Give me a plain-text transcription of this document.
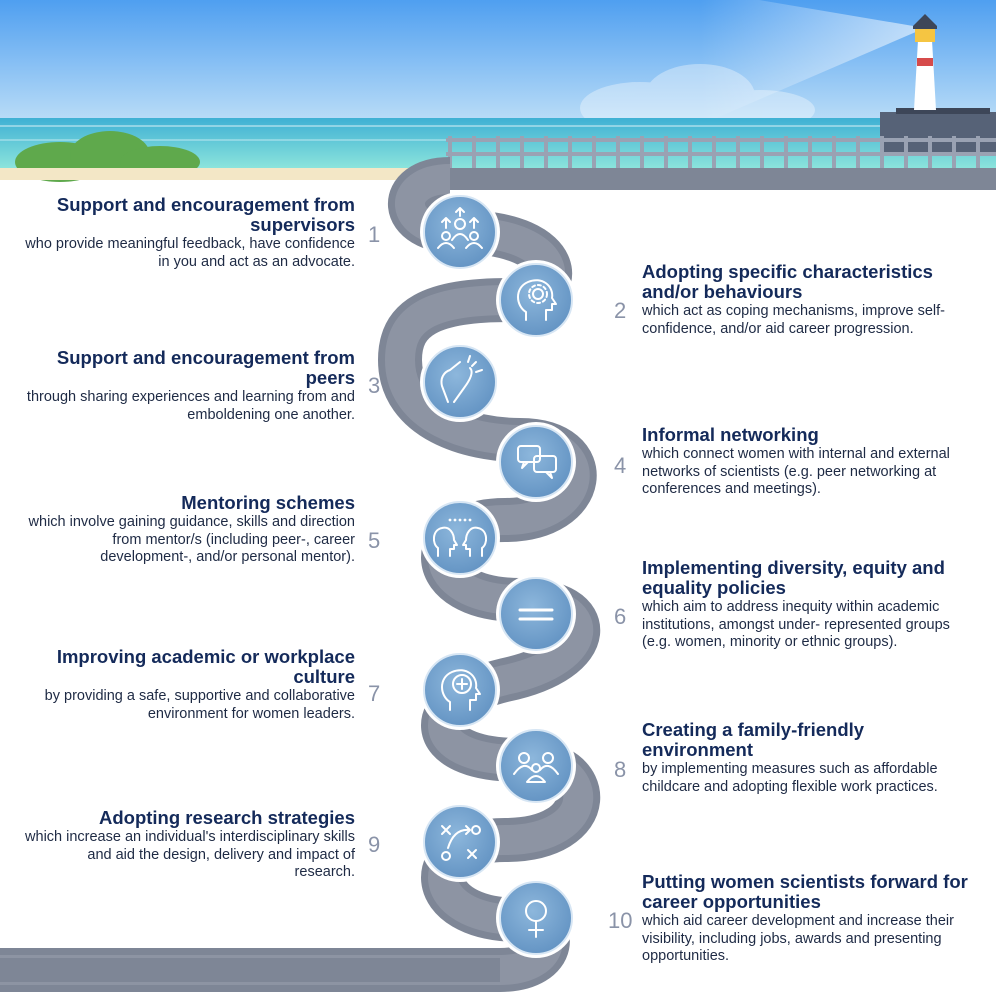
1
Support and encouragement from supervisors
who provide meaningful feedback, have confidence in you and act as an advocate.
2
Adopting specific characteristics and/or behaviours
which act as coping mechanisms, improve self-confidence, and/or aid career progression.
3
Support and encouragement from peers
through sharing experiences and learning from and emboldening one another.
4
Informal networking
which connect women with internal and external networks of scientists (e.g. peer networking at conferences and meetings).
5
Mentoring schemes
which involve gaining guidance, skills and direction from mentor/s (including peer-, career development-, and/or personal mentor).
6
Implementing diversity, equity and equality policies
which aim to address inequity within academic institutions, amongst under- represented groups (e.g. women, minority or ethnic groups).
7
Improving academic or workplace culture
by providing a safe, supportive and collaborative environment for women leaders.
8
Creating a family-friendly environment
by implementing measures such as affordable childcare and adopting flexible work practices.
9
Adopting research strategies
which increase an individual's interdisciplinary skills and aid the design, delivery and impact of research.
10
Putting women scientists forward for career opportunities
which aid career development and increase their visibility, including jobs, awards and presenting opportunities.
